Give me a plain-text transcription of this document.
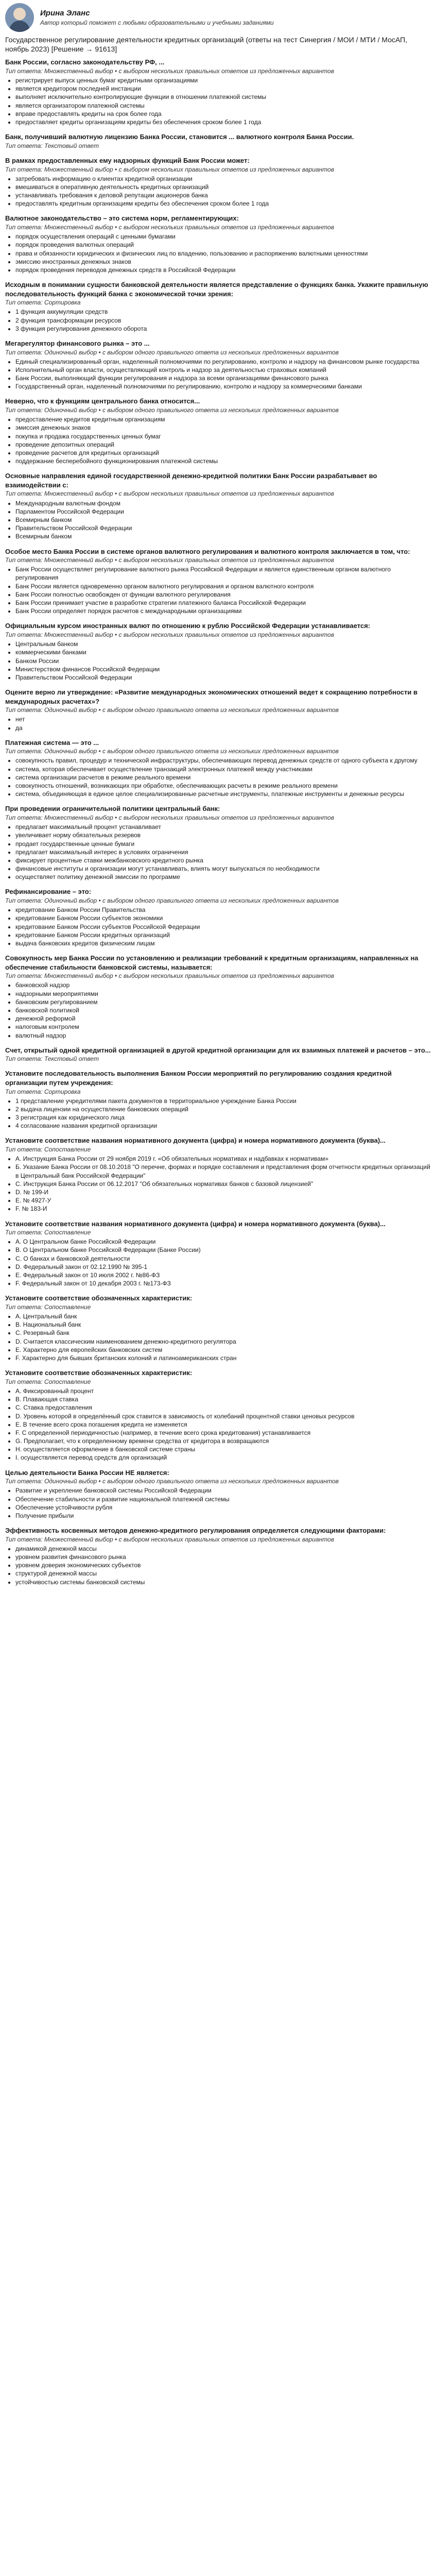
Ирина Эланс
Автор который поможет с любыми образовательными и учебными заданиями
Государственное регулирование деятельности кредитных организаций (ответы на тест Синергия / МОИ / МТИ / МосАП, ноябрь 2023) [Решение → 91613]
Банк России, согласно законодательству РФ, ...
Тип ответа: Множественный выбор • с выбором нескольких правильных ответов из предложенных вариантов
• регистрирует выпуск ценных бумаг кредитными организациями
• является кредитором последней инстанции
• выполняет исключительно контролирующие функции в отношении платежной системы
• является организатором платежной системы
• вправе предоставлять кредиты на срок более года
• предоставляет кредиты организациям кредиты без обеспечения сроком более 1 года
Банк, получивший валютную лицензию Банка России, становится ... валютного контроля Банка России.
Тип ответа: Текстовый ответ
В рамках предоставленных ему надзорных функций Банк России может:
Тип ответа: Множественный выбор • с выбором нескольких правильных ответов из предложенных вариантов
• затребовать информацию о клиентах кредитной организации
• вмешиваться в оперативную деятельность кредитных организаций
• устанавливать требования к деловой репутации акционеров банка
• предоставлять кредитным организациям кредиты без обеспечения сроком более 1 года
Валютное законодательство – это система норм, регламентирующих:
Тип ответа: Множественный выбор • с выбором нескольких правильных ответов из предложенных вариантов
• порядок осуществления операций с ценными бумагами
• порядок проведения валютных операций
• права и обязанности юридических и физических лиц по владению, пользованию и распоряжению валютными ценностями
• эмиссию иностранных денежных знаков
• порядок проведения переводов денежных средств в Российской Федерации
Исходным в понимании сущности банковской деятельности является представление о функциях банка. Укажите правильную последовательность функций банка с экономической точки зрения:
Тип ответа: Сортировка
• 1 функция аккумуляции средств
• 2 функция трансформации ресурсов
• 3 функция регулирования денежного оборота
Мегарегулятор финансового рынка – это ...
Тип ответа: Одиночный выбор • с выбором одного правильного ответа из нескольких предложенных вариантов
• Единый специализированный орган, наделенный полномочиями по регулированию, контролю и надзору на финансовом рынке государства
• Исполнительный орган власти, осуществляющий контроль и надзор за деятельностью страховых компаний
• Банк России, выполняющий функции регулирования и надзора за всеми организациями финансового рынка
• Государственный орган, наделенный полномочиями по регулированию, контролю и надзору за коммерческими банками
Неверно, что к функциям центрального банка относится...
Тип ответа: Одиночный выбор • с выбором одного правильного ответа из нескольких предложенных вариантов
• предоставление кредитов кредитным организациям
• эмиссия денежных знаков
• покупка и продажа государственных ценных бумаг
• проведение депозитных операций
• проведение расчетов для кредитных организаций
• поддержание бесперебойного функционирования платежной системы
Основные направления единой государственной денежно-кредитной политики Банк России разрабатывает во взаимодействии с:
Тип ответа: Множественный выбор • с выбором нескольких правильных ответов из предложенных вариантов
• Международным валютным фондом
• Парламентом Российской Федерации
• Всемирным банком
• Правительством Российской Федерации
• Всемирным банком
Особое место Банка России в системе органов валютного регулирования и валютного контроля заключается в том, что:
Тип ответа: Множественный выбор • с выбором нескольких правильных ответов из предложенных вариантов
• Банк России осуществляет регулирование валютного рынка Российской Федерации и является единственным органом валютного регулирования
• Банк России является одновременно органом валютного регулирования и органом валютного контроля
• Банк России полностью освобожден от функции валютного регулирования
• Банк России принимает участие в разработке стратегии платежного баланса Российской Федерации
• Банк России определяет порядок расчетов с международными организациями
Официальным курсом иностранных валют по отношению к рублю Российской Федерации устанавливается:
Тип ответа: Множественный выбор • с выбором нескольких правильных ответов из предложенных вариантов
• Центральным банком
• коммерческими банками
• Банком России
• Министерством финансов Российской Федерации
• Правительством Российской Федерации
Оцените верно ли утверждение: «Развитие международных экономических отношений ведет к сокращению потребности в международных расчетах»?
Тип ответа: Одиночный выбор • с выбором одного правильного ответа из нескольких предложенных вариантов
• нет
• да
Платежная система — это ...
Тип ответа: Одиночный выбор • с выбором одного правильного ответа из нескольких предложенных вариантов
• совокупность правил, процедур и технической инфраструктуры, обеспечивающих перевод денежных средств от одного субъекта к другому
• система, которая обеспечивает осуществление транзакций электронных платежей между участниками
• система организации расчетов в режиме реального времени
• совокупность отношений, возникающих при обработке, обеспечивающих расчеты в режиме реального времени
• система, объединяющая в единое целое специализированные расчетные инструменты, платежные инструменты и денежные ресурсы
При проведении ограничительной политики центральный банк:
Тип ответа: Множественный выбор • с выбором нескольких правильных ответов из предложенных вариантов
• предлагает максимальный процент устанавливает
• увеличивает норму обязательных резервов
• продает государственные ценные бумаги
• предлагает максимальный интерес в условиях ограничения
• фиксирует процентные ставки межбанковского кредитного рынка
• финансовые институты и организации могут устанавливать, влиять могут выпускаться по необходимости
• осуществляет политику денежной эмиссии по программе
Рефинансирование – это:
Тип ответа: Одиночный выбор • с выбором одного правильного ответа из нескольких предложенных вариантов
• кредитование Банком России Правительства
• кредитование Банком России субъектов экономики
• кредитование Банком России субъектов Российской Федерации
• кредитование Банком России кредитных организаций
• выдача банковских кредитов физическим лицам
Совокупность мер Банка России по установлению и реализации требований к кредитным организациям, направленных на обеспечение стабильности банковской системы, называется:
Тип ответа: Множественный выбор • с выбором нескольких правильных ответов из предложенных вариантов
• банковской надзор
• надзорными мероприятиями
• банковским регулированием
• банковской политикой
• денежной реформой
• налоговым контролем
• валютный надзор
Счет, открытый одной кредитной организацией в другой кредитной организации для их взаимных платежей и расчетов – это...
Тип ответа: Текстовый ответ
Установите последовательность выполнения Банком России мероприятий по регулированию создания кредитной организации путем учреждения:
Тип ответа: Сортировка
• 1 представление учредителями пакета документов в территориальное учреждение Банка России
• 2 выдача лицензии на осуществление банковских операций
• 3 регистрация как юридического лица
• 4 согласование названия кредитной организации
Установите соответствие названия нормативного документа (цифра) и номера нормативного документа (буква)...
Тип ответа: Сопоставление
• А. Инструкция Банка России от 29 ноября 2019 г. «Об обязательных нормативах и надбавках к нормативам»
• Б. Указание Банка России от 08.10.2018 "О перечне, формах и порядке составления и представления форм отчетности кредитных организаций в Центральный банк Российской Федерации"
• С. Инструкция Банка России от 06.12.2017 "Об обязательных нормативах банков с базовой лицензией"
• D. № 199-И
• E. № 4927-У
• F. № 183-И
Установите соответствие названия нормативного документа (цифра) и номера нормативного документа (буква)...
Тип ответа: Сопоставление
• А. О Центральном банке Российской Федерации
• В. О Центральном банке Российской Федерации (Банке России)
• С. О банках и банковской деятельности
• D. Федеральный закон от 02.12.1990 № 395-1
• E. Федеральный закон от 10 июля 2002 г. №86-ФЗ
• F. Федеральный закон от 10 декабря 2003 г. №173-ФЗ
Установите соответствие обозначенных характеристик:
Тип ответа: Сопоставление
• A. Центральный банк
• B. Национальный банк
• C. Резервный банк
• D. Считается классическим наименованием денежно-кредитного регулятора
• E. Характерно для европейских банковских систем
• F. Характерно для бывших британских колоний и латиноамериканских стран
Установите соответствие обозначенных характеристик:
Тип ответа: Сопоставление
• A. Фиксированный процент
• B. Плавающая ставка
• C. Ставка предоставления
• D. Уровень которой в определённый срок ставится в зависимость от колебаний процентной ставки ценовых ресурсов
• E. В течение всего срока погашения кредита не изменяется
• F. С определенной периодичностью (например, в течение всего срока кредитования) устанавливается
• G. Предполагает, что к определенному времени средства от кредитора в возвращаются
• H. осуществляется оформление в банковской системе страны
• I. осуществляется перевод средств для организаций
Целью деятельности Банка России НЕ является:
Тип ответа: Одиночный выбор • с выбором одного правильного ответа из нескольких предложенных вариантов
• Развитие и укрепление банковской системы Российской Федерации
• Обеспечение стабильности и развитие национальной платежной системы
• Обеспечение устойчивости рубля
• Получение прибыли
Эффективность косвенных методов денежно-кредитного регулирования определяется следующими факторами:
Тип ответа: Множественный выбор • с выбором нескольких правильных ответов из предложенных вариантов
• динамикой денежной массы
• уровнем развития финансового рынка
• уровнем доверия экономических субъектов
• структурой денежной массы
• устойчивостью системы банковской системы
